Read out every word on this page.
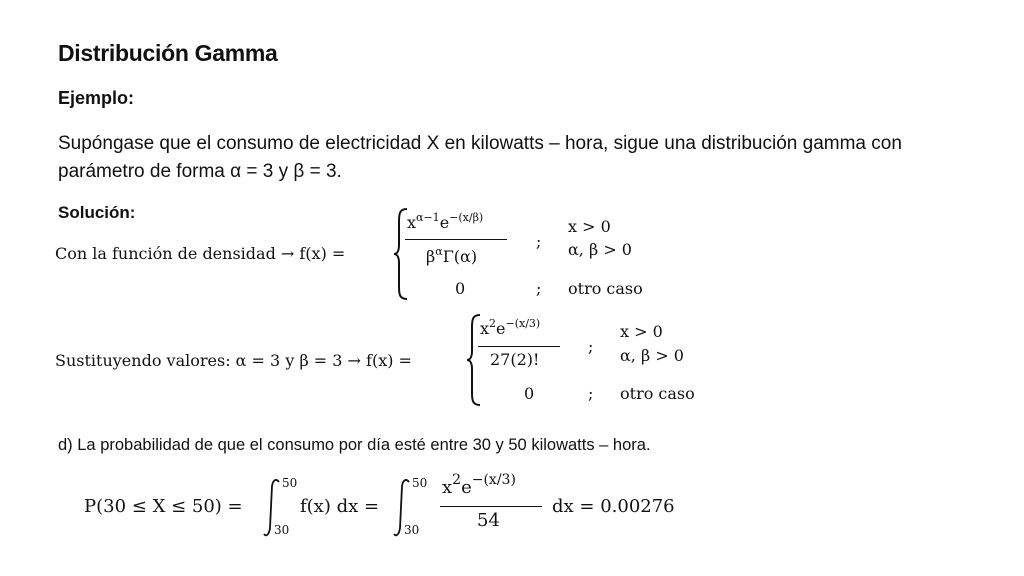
Distribución Gamma
Ejemplo:
Supóngase que el consumo de electricidad X en kilowatts – hora, sigue una distribución gamma con
parámetro de forma α = 3 y β = 3.
Solución:
Con la función de densidad → f(x) =
$x^{\alpha-1}e^{-(x/\beta)}$
$\beta^\alpha\Gamma(\alpha)$
;
x > 0
α, β > 0
0	; otro caso
Sustituyendo valores: α = 3 y β = 3 → f(x) =
$x^2e^{-(x/3)}$
27(2)!
;
x > 0
α, β > 0
0	; otro caso
d) La probabilidad de que el consumo por día esté entre 30 y 50 kilowatts – hora.
P(30 ≤ X ≤ 50) =
50
30
f(x) dx =
50
30
$x^2e^{-(x/3)}$
54
dx = 0.00276
